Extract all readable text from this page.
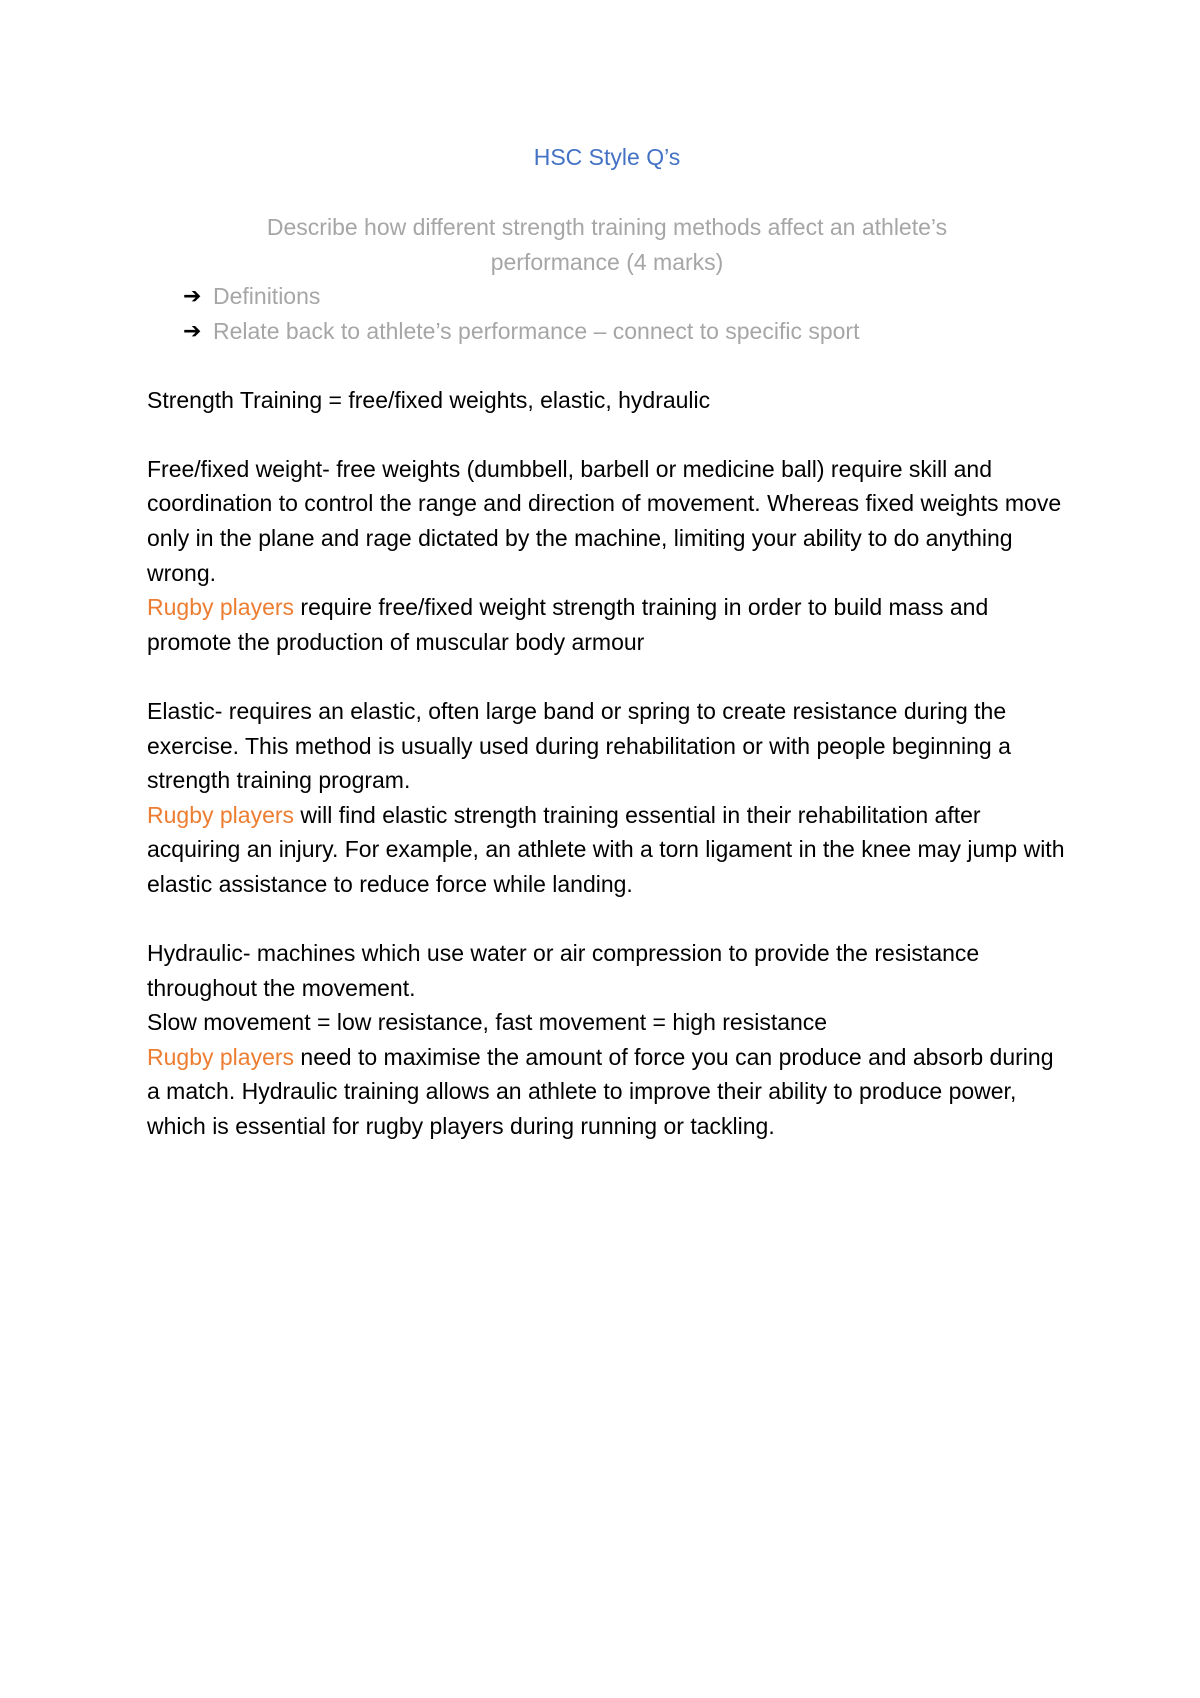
HSC Style Q’s

Describe how different strength training methods affect an athlete’s

performance (4 marks)

➔ Definitions
➔ Relate back to athlete’s performance – connect to specific sport

Strength Training = free/fixed weights, elastic, hydraulic

Free/fixed weight- free weights (dumbbell, barbell or medicine ball) require skill and coordination to control the range and direction of movement. Whereas fixed weights move only in the plane and rage dictated by the machine, limiting your ability to do anything wrong.

Rugby players require free/fixed weight strength training in order to build mass and promote the production of muscular body armour

Elastic- requires an elastic, often large band or spring to create resistance during the exercise. This method is usually used during rehabilitation or with people beginning a strength training program.

Rugby players will find elastic strength training essential in their rehabilitation after acquiring an injury. For example, an athlete with a torn ligament in the knee may jump with elastic assistance to reduce force while landing.

Hydraulic- machines which use water or air compression to provide the resistance throughout the movement.

Slow movement = low resistance, fast movement = high resistance

Rugby players need to maximise the amount of force you can produce and absorb during a match. Hydraulic training allows an athlete to improve their ability to produce power, which is essential for rugby players during running or tackling.
